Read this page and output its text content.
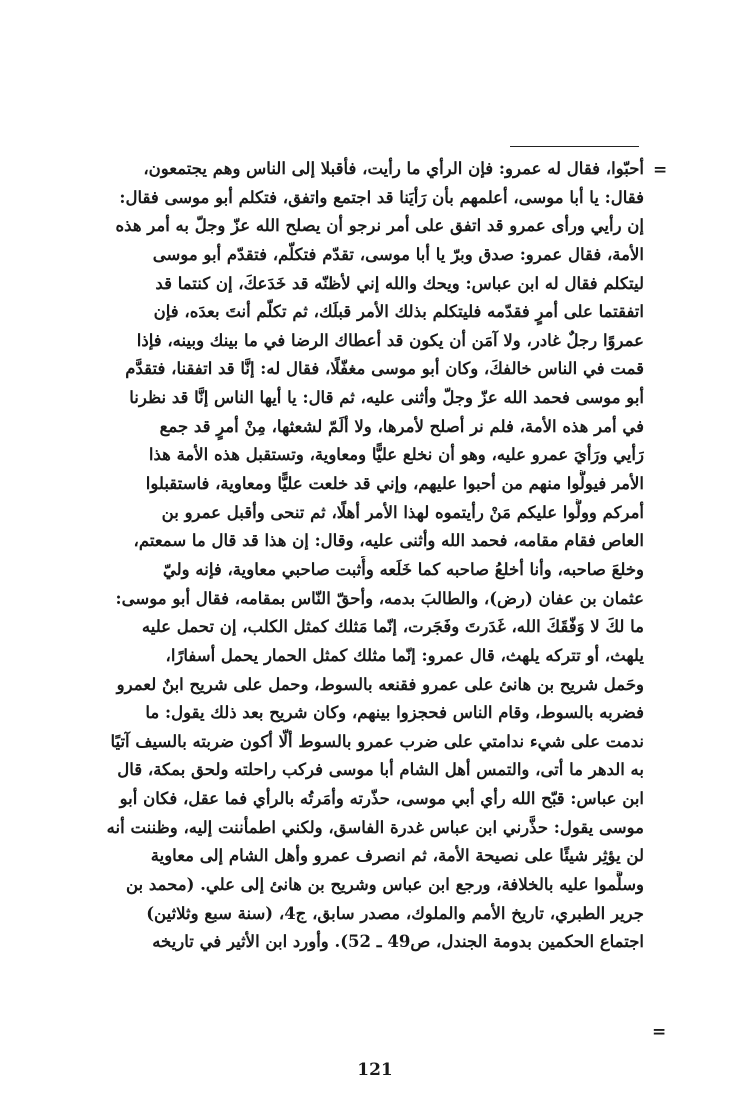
=
أحبّوا، فقال له عمرو: فإن الرأي ما رأيت، فأقبلا إلى الناس وهم يجتمعون،
فقال: يا أبا موسى، أعلمهم بأن رَأيَنا قد اجتمع واتفق، فتكلم أبو موسى فقال:
إن رأيي ورأى عمرو قد اتفق على أمر نرجو أن يصلح الله عزّ وجلّ به أمر هذه
الأمة، فقال عمرو: صدق وبرّ يا أبا موسى، تقدّم فتكلّم، فتقدّم أبو موسى
ليتكلم فقال له ابن عباس: ويحك والله إني لأظنّه قد خَدَعكَ، إن كنتما قد
اتفقتما على أمرٍ فقدّمه فليتكلم بذلك الأمر قبلَك، ثم تكلّم أنتَ بعدَه، فإن
عمروًا رجلٌ غادر، ولا آمَن أن يكون قد أعطاك الرضا في ما بينك وبينه، فإذا
قمت في الناس خالفكَ، وكان أبو موسى مغفّلًا، فقال له: إنَّا قد اتفقنا، فتقدَّم
أبو موسى فحمد الله عزّ وجلّ وأثنى عليه، ثم قال: يا أيها الناس إنَّا قد نظرنا
في أمر هذه الأمة، فلم نر أصلح لأمرها، ولا ألَمّ لشعثها، مِنْ أمرٍ قد جمع
رَأيي ورَأيَ عمرو عليه، وهو أن نخلع عليًّا ومعاوية، وتستقبل هذه الأمة هذا
الأمر فيولُّوا منهم من أحبوا عليهم، وإني قد خلعت عليًّا ومعاوية، فاستقبلوا
أمركم وولُّوا عليكم مَنْ رأيتموه لهذا الأمر أهلًا، ثم تنحى وأقبل عمرو بن
العاص فقام مقامه، فحمد الله وأثنى عليه، وقال: إن هذا قد قال ما سمعتم،
وخلعَ صاحبه، وأنا أخلعُ صاحبه كما خَلَعه وأُثبت صاحبي معاوية، فإنه وليّ
عثمان بن عفان (رض)، والطالبَ بدمه، وأحقّ النّاس بمقامه، فقال أبو موسى:
ما لكَ لا وَفّقَكَ الله، غَدَرتَ وفَجَرت، إنّما مَثلك كمثل الكلب، إن تحمل عليه
يلهث، أو تتركه يلهث، قال عمرو: إنّما مثلك كمثل الحمار يحمل أسفارًا،
وحَمل شريح بن هانئ على عمرو فقنعه بالسوط، وحمل على شريح ابنٌ لعمرو
فضربه بالسوط، وقام الناس فحجزوا بينهم، وكان شريح بعد ذلك يقول: ما
ندمت على شيء ندامتي على ضرب عمرو بالسوط ألّا أكون ضربته بالسيف آتيًا
به الدهر ما أتى، والتمس أهل الشام أبا موسى فركب راحلته ولحق بمكة، قال
ابن عباس: قبّح الله رأي أبي موسى، حذّرته وأمَرتُه بالرأي فما عقل، فكان أبو
موسى يقول: حذَّرني ابن عباس غدرة الفاسق، ولكني اطمأننت إليه، وظننت أنه
لن يؤثِر شيئًا على نصيحة الأمة، ثم انصرف عمرو وأهل الشام إلى معاوية
وسلَّموا عليه بالخلافة، ورجع ابن عباس وشريح بن هانئ إلى علي. (محمد بن
جرير الطبري، تاريخ الأمم والملوك، مصدر سابق، ج4، (سنة سبع وثلاثين)
اجتماع الحكمين بدومة الجندل، ص49 ـ 52). وأورد ابن الأثير في تاريخه
=
121
